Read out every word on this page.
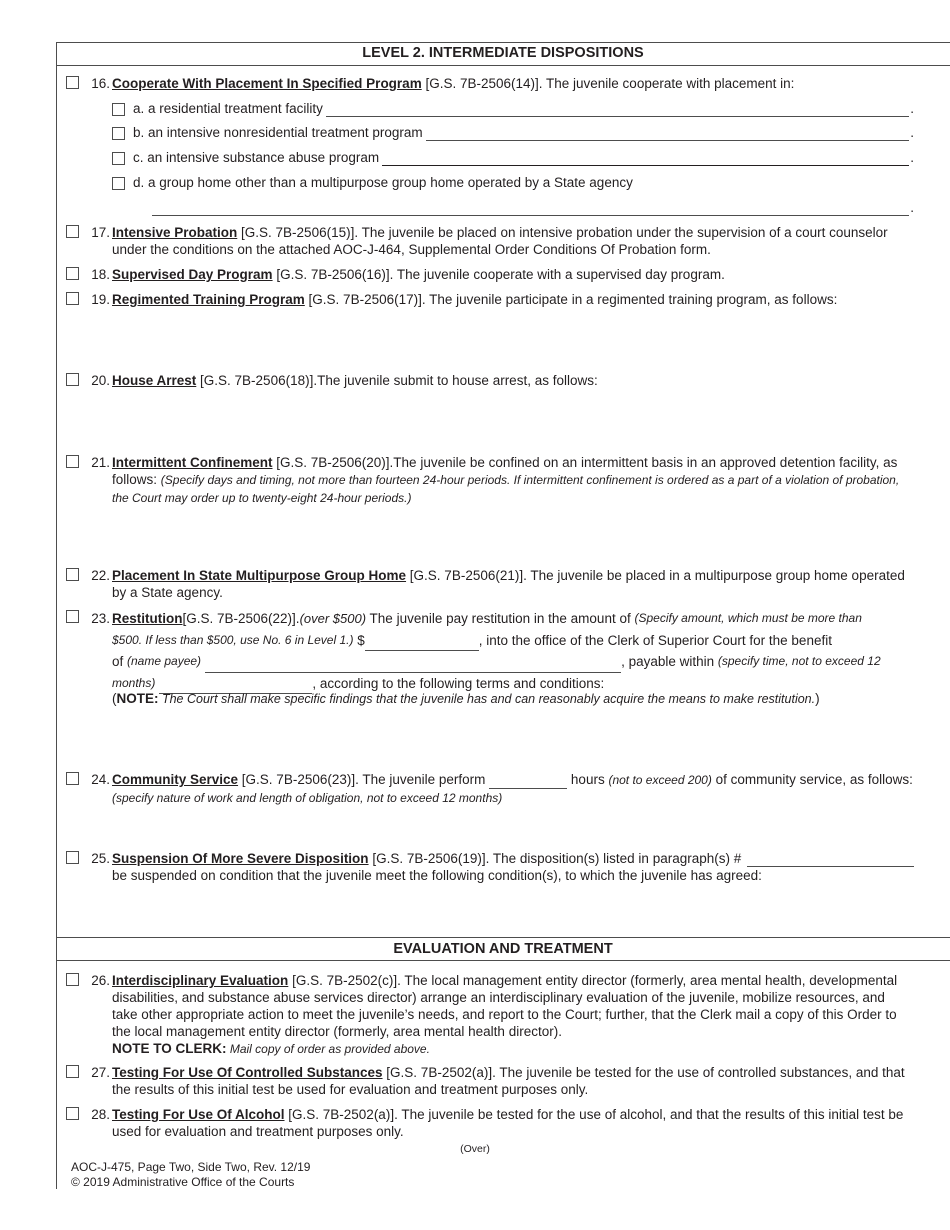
LEVEL 2. INTERMEDIATE DISPOSITIONS
16. Cooperate With Placement In Specified Program [G.S. 7B-2506(14)]. The juvenile cooperate with placement in:
a. a residential treatment facility	.
b. an intensive nonresidential treatment program	.
c. an intensive substance abuse program	.
d. a group home other than a multipurpose group home operated by a State agency
.
17. Intensive Probation [G.S. 7B-2506(15)]. The juvenile be placed on intensive probation under the supervision of a court counselor under the conditions on the attached AOC-J-464, Supplemental Order Conditions Of Probation form.
18. Supervised Day Program [G.S. 7B-2506(16)]. The juvenile cooperate with a supervised day program.
19. Regimented Training Program [G.S. 7B-2506(17)]. The juvenile participate in a regimented training program, as follows:
20. House Arrest [G.S. 7B-2506(18)].The juvenile submit to house arrest, as follows:
21. Intermittent Confinement [G.S. 7B-2506(20)].The juvenile be confined on an intermittent basis in an approved detention facility, as follows: (Specify days and timing, not more than fourteen 24-hour periods. If intermittent confinement is ordered as a part of a violation of probation, the Court may order up to twenty-eight 24-hour periods.)
22. Placement In State Multipurpose Group Home [G.S. 7B-2506(21)]. The juvenile be placed in a multipurpose group home operated by a State agency.
23. Restitution [G.S. 7B-2506(22)]. (over $500) The juvenile pay restitution in the amount of (Specify amount, which must be more than
$500. If less than $500, use No. 6 in Level 1.) $	, into the office of the Clerk of Superior Court for the benefit
of (name payee)	, payable within (specify time, not to exceed 12
months)	, according to the following terms and conditions:
(NOTE: The Court shall make specific findings that the juvenile has and can reasonably acquire the means to make restitution.)
24. Community Service [G.S. 7B-2506(23)]. The juvenile perform	hours (not to exceed 200) of community service, as follows: (specify nature of work and length of obligation, not to exceed 12 months)
25. Suspension Of More Severe Disposition [G.S. 7B-2506(19)]. The disposition(s) listed in paragraph(s) #
be suspended on condition that the juvenile meet the following condition(s), to which the juvenile has agreed:
EVALUATION AND TREATMENT
26. Interdisciplinary Evaluation [G.S. 7B-2502(c)]. The local management entity director (formerly, area mental health, developmental disabilities, and substance abuse services director) arrange an interdisciplinary evaluation of the juvenile, mobilize resources, and take other appropriate action to meet the juvenile’s needs, and report to the Court; further, that the Clerk mail a copy of this Order to the local management entity director (formerly, area mental health director).
NOTE TO CLERK: Mail copy of order as provided above.
27. Testing For Use Of Controlled Substances [G.S. 7B-2502(a)]. The juvenile be tested for the use of controlled substances, and that the results of this initial test be used for evaluation and treatment purposes only.
28. Testing For Use Of Alcohol [G.S. 7B-2502(a)]. The juvenile be tested for the use of alcohol, and that the results of this initial test be used for evaluation and treatment purposes only.
(Over)
AOC-J-475, Page Two, Side Two, Rev. 12/19
© 2019 Administrative Office of the Courts
